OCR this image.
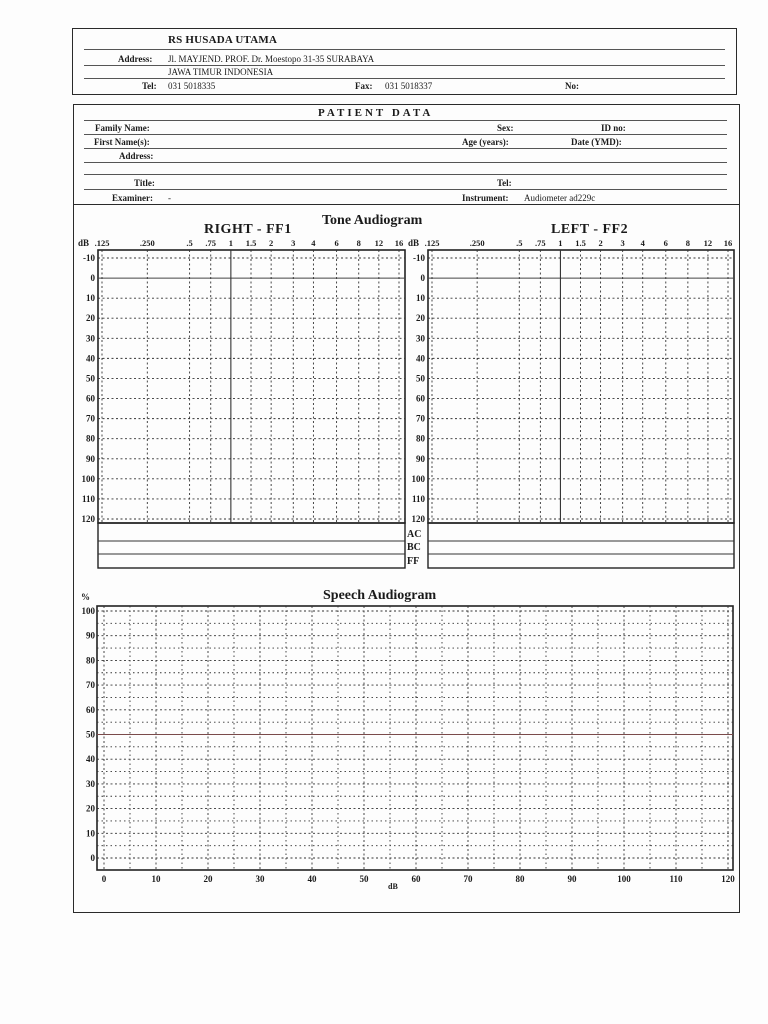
RS HUSADA UTAMA
Address: Jl. MAYJEND. PROF. Dr. Moestopo 31-35 SURABAYA
JAWA TIMUR INDONESIA
Tel: 031 5018335	Fax: 031 5018337	No:
PATIENT DATA
Family Name:	Sex:	ID no:
First Name(s):	Age (years):	Date (YMD):
Address:
Title:	Tel:
Examiner: -	Instrument: Audiometer ad229c
Tone Audiogram
RIGHT - FF1	LEFT - FF2
-10
0
10
20
30
40
50
60
70
80
90
100
110
120
dB .125	.250	.5 .75 1 1.5 2 3 4 6 8 12 16
-10
0
10
20
30
40
50
60
70
80
90
100
110
120
dB .125	.250	.5 .75 1 1.5 2 3 4 6 8 12 16
AC
BC
FF
Speech Audiogram
100
90
80
70
60
50
40
30
20
10
0
0	10	20	30	40	50	60	70	80	90	100	110	120
%
dB
